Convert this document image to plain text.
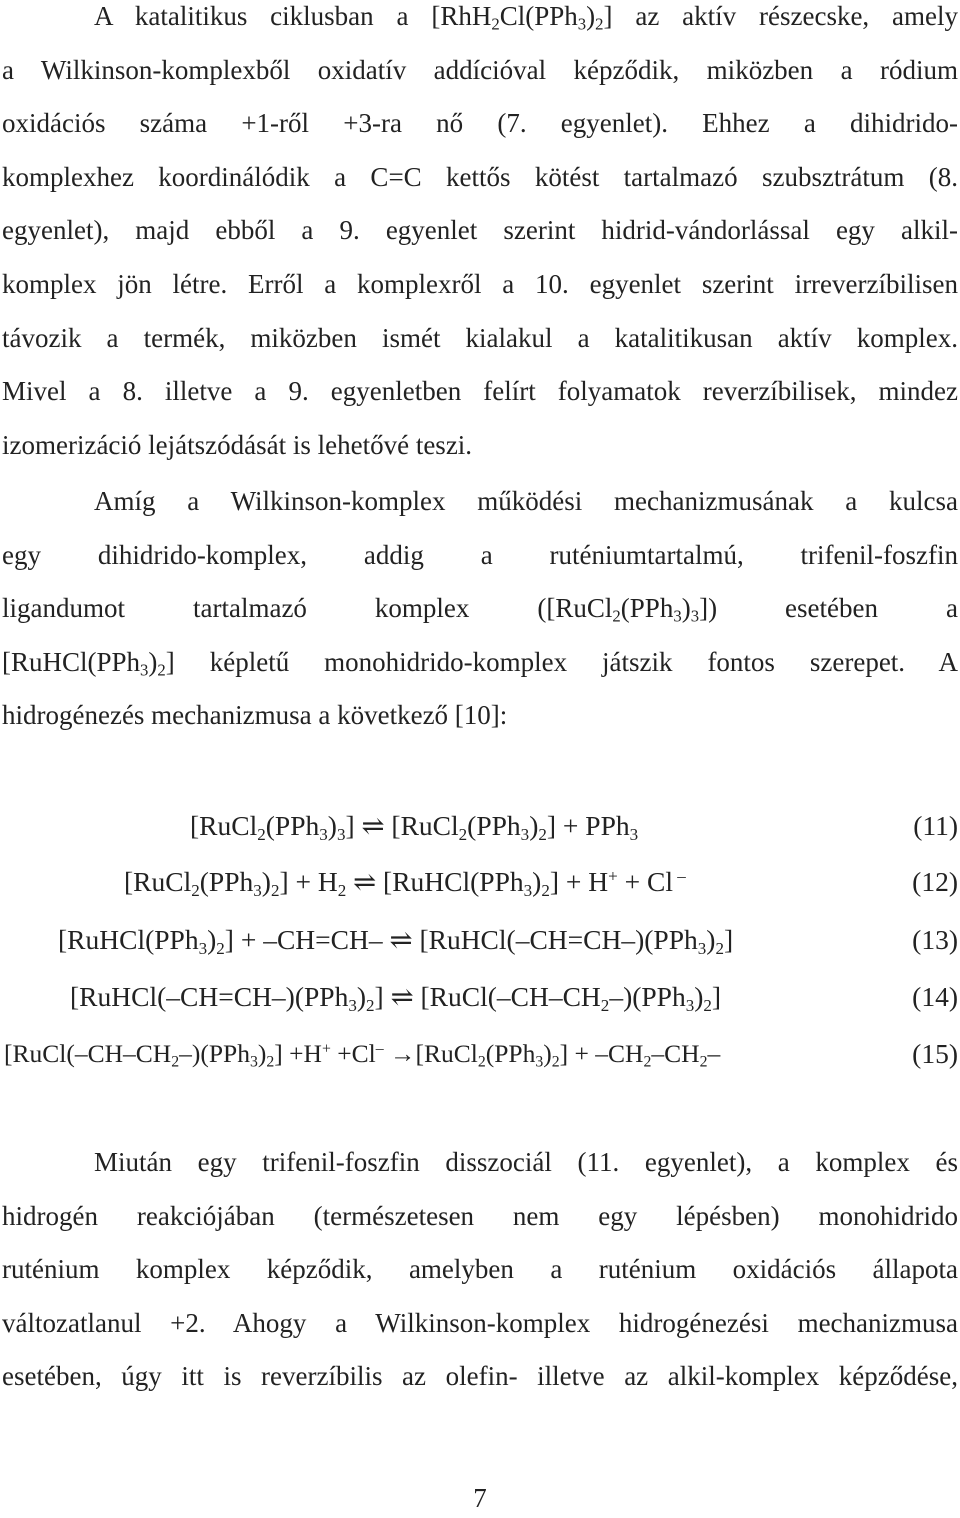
A katalitikus ciklusban a $[RhH_2Cl(PPh_3)_2]$ az aktív részecske, amely
a Wilkinson-komplexből oxidatív addícióval képződik, miközben a ródium
oxidációs száma +1-ről +3-ra nő (7. egyenlet). Ehhez a dihidrido-
komplexhez koordinálódik a C=C kettős kötést tartalmazó szubsztrátum (8.
egyenlet), majd ebből a 9. egyenlet szerint hidrid-vándorlással egy alkil-
komplex jön létre. Erről a komplexről a 10. egyenlet szerint irreverzíbilisen
távozik a termék, miközben ismét kialakul a katalitikusan aktív komplex.
Mivel a 8. illetve a 9. egyenletben felírt folyamatok reverzíbilisek, mindez
izomerizáció lejátszódását is lehetővé teszi.
Amíg a Wilkinson-komplex működési mechanizmusának a kulcsa
egy dihidrido-komplex, addig a ruténiumtartalmú, trifenil-foszfin
ligandumot tartalmazó komplex $([RuCl_2(PPh_3)_3])$ esetében a
$[RuHCl(PPh_3)_2]$ képletű monohidrido-komplex játszik fontos szerepet. A
hidrogénezés mechanizmusa a következő [10]:
$[RuCl_2(PPh_3)_3]$ ⇌ $[RuCl_2(PPh_3)_2] + PPh_3$	(11)
$[RuCl_2(PPh_3)_2] + H_2$ ⇌ $[RuHCl(PPh_3)_2] + H^+ + Cl$ –	(12)
$[RuHCl(PPh_3)_2] + -CH=CH-$ ⇌ $[RuHCl(-CH=CH-)(PPh_3)_2]$	(13)
$[RuHCl(-CH=CH-)(PPh_3)_2]$ ⇌ $[RuCl(-CH-CH_2-)(PPh_3)_2]$	(14)
$[RuCl(-CH-CH_2-)(PPh_3)_2] +H^+ +Cl^-$ $\to[RuCl_2(PPh_3)_2] + -CH_2-CH_2-$	(15)
Miután egy trifenil-foszfin disszociál (11. egyenlet), a komplex és
hidrogén reakciójában (természetesen nem egy lépésben) monohidrido
ruténium komplex képződik, amelyben a ruténium oxidációs állapota
változatlanul +2. Ahogy a Wilkinson-komplex hidrogénezési mechanizmusa
esetében, úgy itt is reverzíbilis az olefin- illetve az alkil-komplex képződése,
7
